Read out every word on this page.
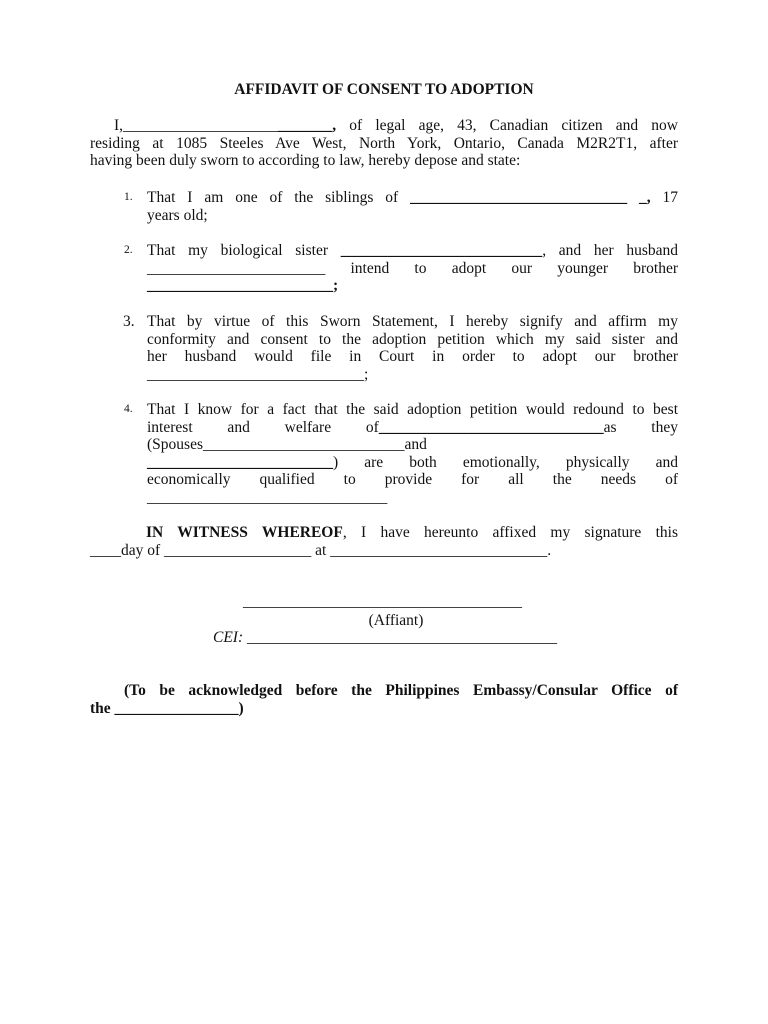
AFFIDAVIT OF CONSENT TO ADOPTION
I,___________________________, of legal age, 43, Canadian citizen and now
residing at 1085 Steeles Ave West, North York, Ontario, Canada M2R2T1, after
having been duly sworn to according to law, hereby depose and state:
1. That I am one of the siblings of ____________________________ _, 17
years old;
2. That my biological sister __________________________, and her husband
_______________________ intend to adopt our younger brother
________________________;
3. That by virtue of this Sworn Statement, I hereby signify and affirm my
conformity and consent to the adoption petition which my said sister and
her husband would file in Court in order to adopt our brother
____________________________;
4. That I know for a fact that the said adoption petition would redound to best
interest and welfare of_____________________________as they
(Spouses__________________________and
________________________) are both emotionally, physically and
economically qualified to provide for all the needs of
_______________________________
IN WITNESS WHEREOF, I have hereunto affixed my signature this
____day of ___________________ at ____________________________.
____________________________________
(Affiant)
CEI: ________________________________________
(To be acknowledged before the Philippines Embassy/Consular Office of
the ________________)
